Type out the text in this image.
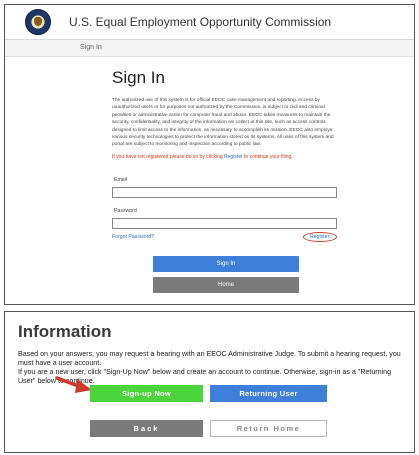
U.S. Equal Employment Opportunity Commission
Sign In
Sign In

The authorized use of this system is for official EEOC case management and reporting. Access by unauthorized users or for purposes not authorized by the Commission, is subject to civil and criminal penalties or administrative action for computer fraud and abuse. EEOC takes measures to maintain the security, confidentiality, and integrity of the information we collect at this site, such as access controls designed to limit access to the information, as necessary to accomplish its mission. EEOC also employs various security technologies to protect the information stored on its systems. All uses of this system and portal are subject to monitoring and inspection according to public law.

If you have not registered please do so by clicking Register to continue your filing.
Email
Password
Forgot Password?	Register
Sign In
Home
Information

Based on your answers, you may request a hearing with an EEOC Administrative Judge. To submit a hearing request, you must have a user account.

If you are a new user, click "Sign-Up Now" below and create an account to continue. Otherwise, sign-in as a "Returning User" below to continue.

Sign-up Now	Returning User
Back	Return Home
